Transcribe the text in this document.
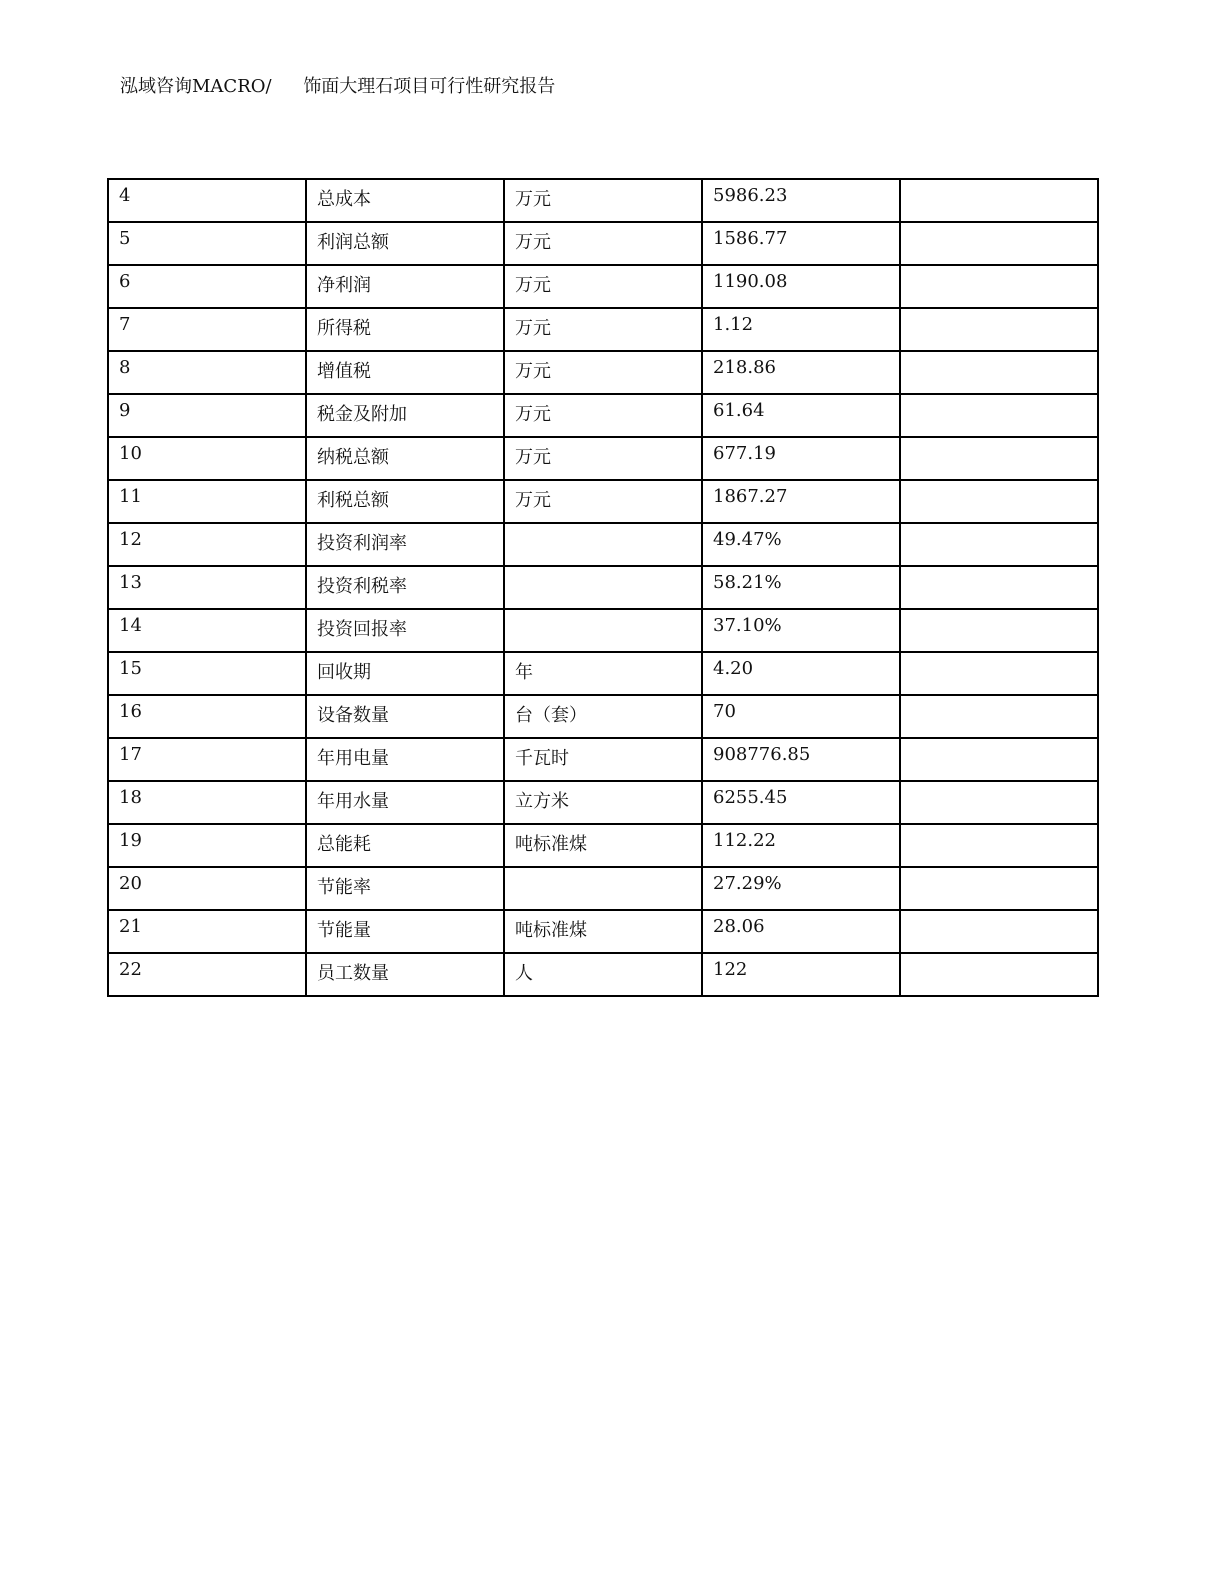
泓域咨询MACRO/ 饰面大理石项目可行性研究报告
4	总成本	万元	5986.23	
5	利润总额	万元	1586.77	
6	净利润	万元	1190.08	
7	所得税	万元	1.12	
8	增值税	万元	218.86	
9	税金及附加	万元	61.64	
10	纳税总额	万元	677.19	
11	利税总额	万元	1867.27	
12	投资利润率		49.47%	
13	投资利税率		58.21%	
14	投资回报率		37.10%	
15	回收期	年	4.20	
16	设备数量	台（套）	70	
17	年用电量	千瓦时	908776.85	
18	年用水量	立方米	6255.45	
19	总能耗	吨标准煤	112.22	
20	节能率		27.29%	
21	节能量	吨标准煤	28.06	
22	员工数量	人	122	
